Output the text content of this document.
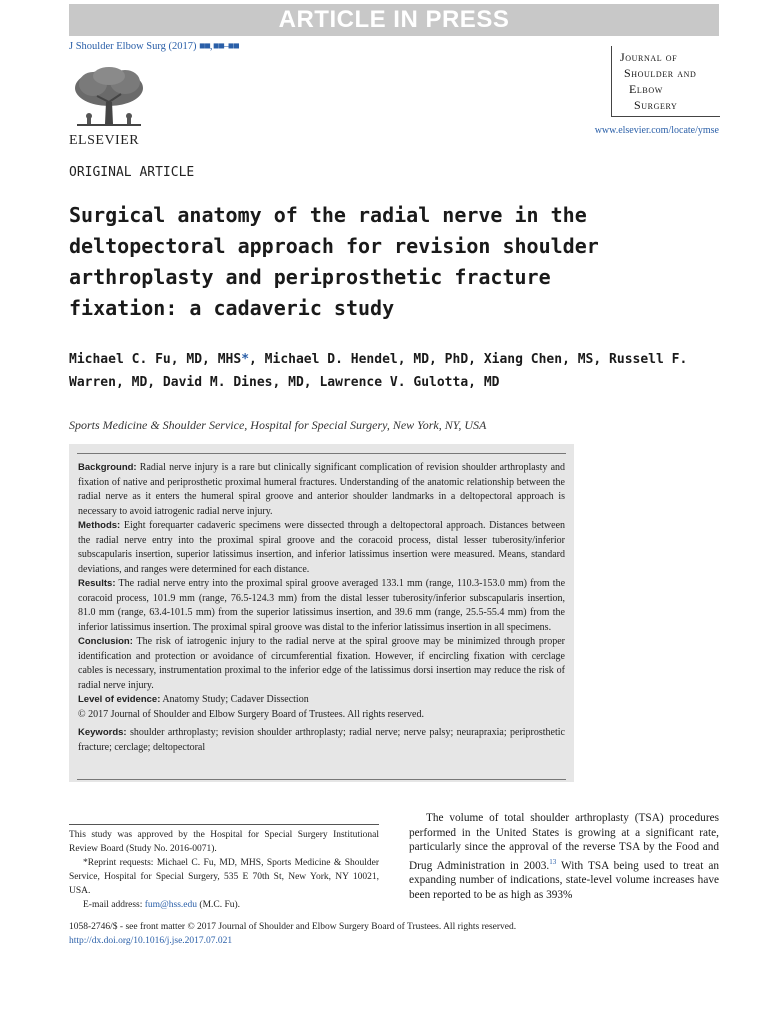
ARTICLE IN PRESS
J Shoulder Elbow Surg (2017) ■■, ■■–■■
ELSEVIER
Journal of
Shoulder and
Elbow
Surgery
www.elsevier.com/locate/ymse
ORIGINAL ARTICLE
Surgical anatomy of the radial nerve in the deltopectoral approach for revision shoulder arthroplasty and periprosthetic fracture fixation: a cadaveric study

Michael C. Fu, MD, MHS*, Michael D. Hendel, MD, PhD, Xiang Chen, MS, Russell F. Warren, MD, David M. Dines, MD, Lawrence V. Gulotta, MD

Sports Medicine & Shoulder Service, Hospital for Special Surgery, New York, NY, USA

Background: Radial nerve injury is a rare but clinically significant complication of revision shoulder arthroplasty and fixation of native and periprosthetic proximal humeral fractures. Understanding of the anatomic relationship between the radial nerve as it enters the humeral spiral groove and anterior shoulder landmarks in a deltopectoral approach is necessary to avoid iatrogenic radial nerve injury.

Methods: Eight forequarter cadaveric specimens were dissected through a deltopectoral approach. Distances between the radial nerve entry into the proximal spiral groove and the coracoid process, distal lesser tuberosity/inferior subscapularis insertion, superior latissimus insertion, and inferior latissimus insertion were measured. Means, standard deviations, and ranges were determined for each distance.

Results: The radial nerve entry into the proximal spiral groove averaged 133.1 mm (range, 110.3-153.0 mm) from the coracoid process, 101.9 mm (range, 76.5-124.3 mm) from the distal lesser tuberosity/inferior subscapularis insertion, 81.0 mm (range, 63.4-101.5 mm) from the superior latissimus insertion, and 39.6 mm (range, 25.5-55.4 mm) from the inferior latissimus insertion. The proximal spiral groove was distal to the inferior latissimus insertion in all specimens.

Conclusion: The risk of iatrogenic injury to the radial nerve at the spiral groove may be minimized through proper identification and protection or avoidance of circumferential fixation. However, if encircling fixation with cerclage cables is necessary, instrumentation proximal to the inferior edge of the latissimus dorsi insertion may reduce the risk of radial nerve injury.

Level of evidence: Anatomy Study; Cadaver Dissection

© 2017 Journal of Shoulder and Elbow Surgery Board of Trustees. All rights reserved.

Keywords: shoulder arthroplasty; revision shoulder arthroplasty; radial nerve; nerve palsy; neurapraxia; periprosthetic fracture; cerclage; deltopectoral

The volume of total shoulder arthroplasty (TSA) procedures performed in the United States is growing at a significant rate, particularly since the approval of the reverse TSA by the Food and Drug Administration in 2003.13 With TSA being used to treat an expanding number of indications, state-level volume increases have been reported to be as high as 393%

This study was approved by the Hospital for Special Surgery Institutional Review Board (Study No. 2016-0071).

*Reprint requests: Michael C. Fu, MD, MHS, Sports Medicine & Shoulder Service, Hospital for Special Surgery, 535 E 70th St, New York, NY 10021, USA.

E-mail address: fum@hss.edu (M.C. Fu).

1058-2746/$ - see front matter © 2017 Journal of Shoulder and Elbow Surgery Board of Trustees. All rights reserved.
http://dx.doi.org/10.1016/j.jse.2017.07.021
